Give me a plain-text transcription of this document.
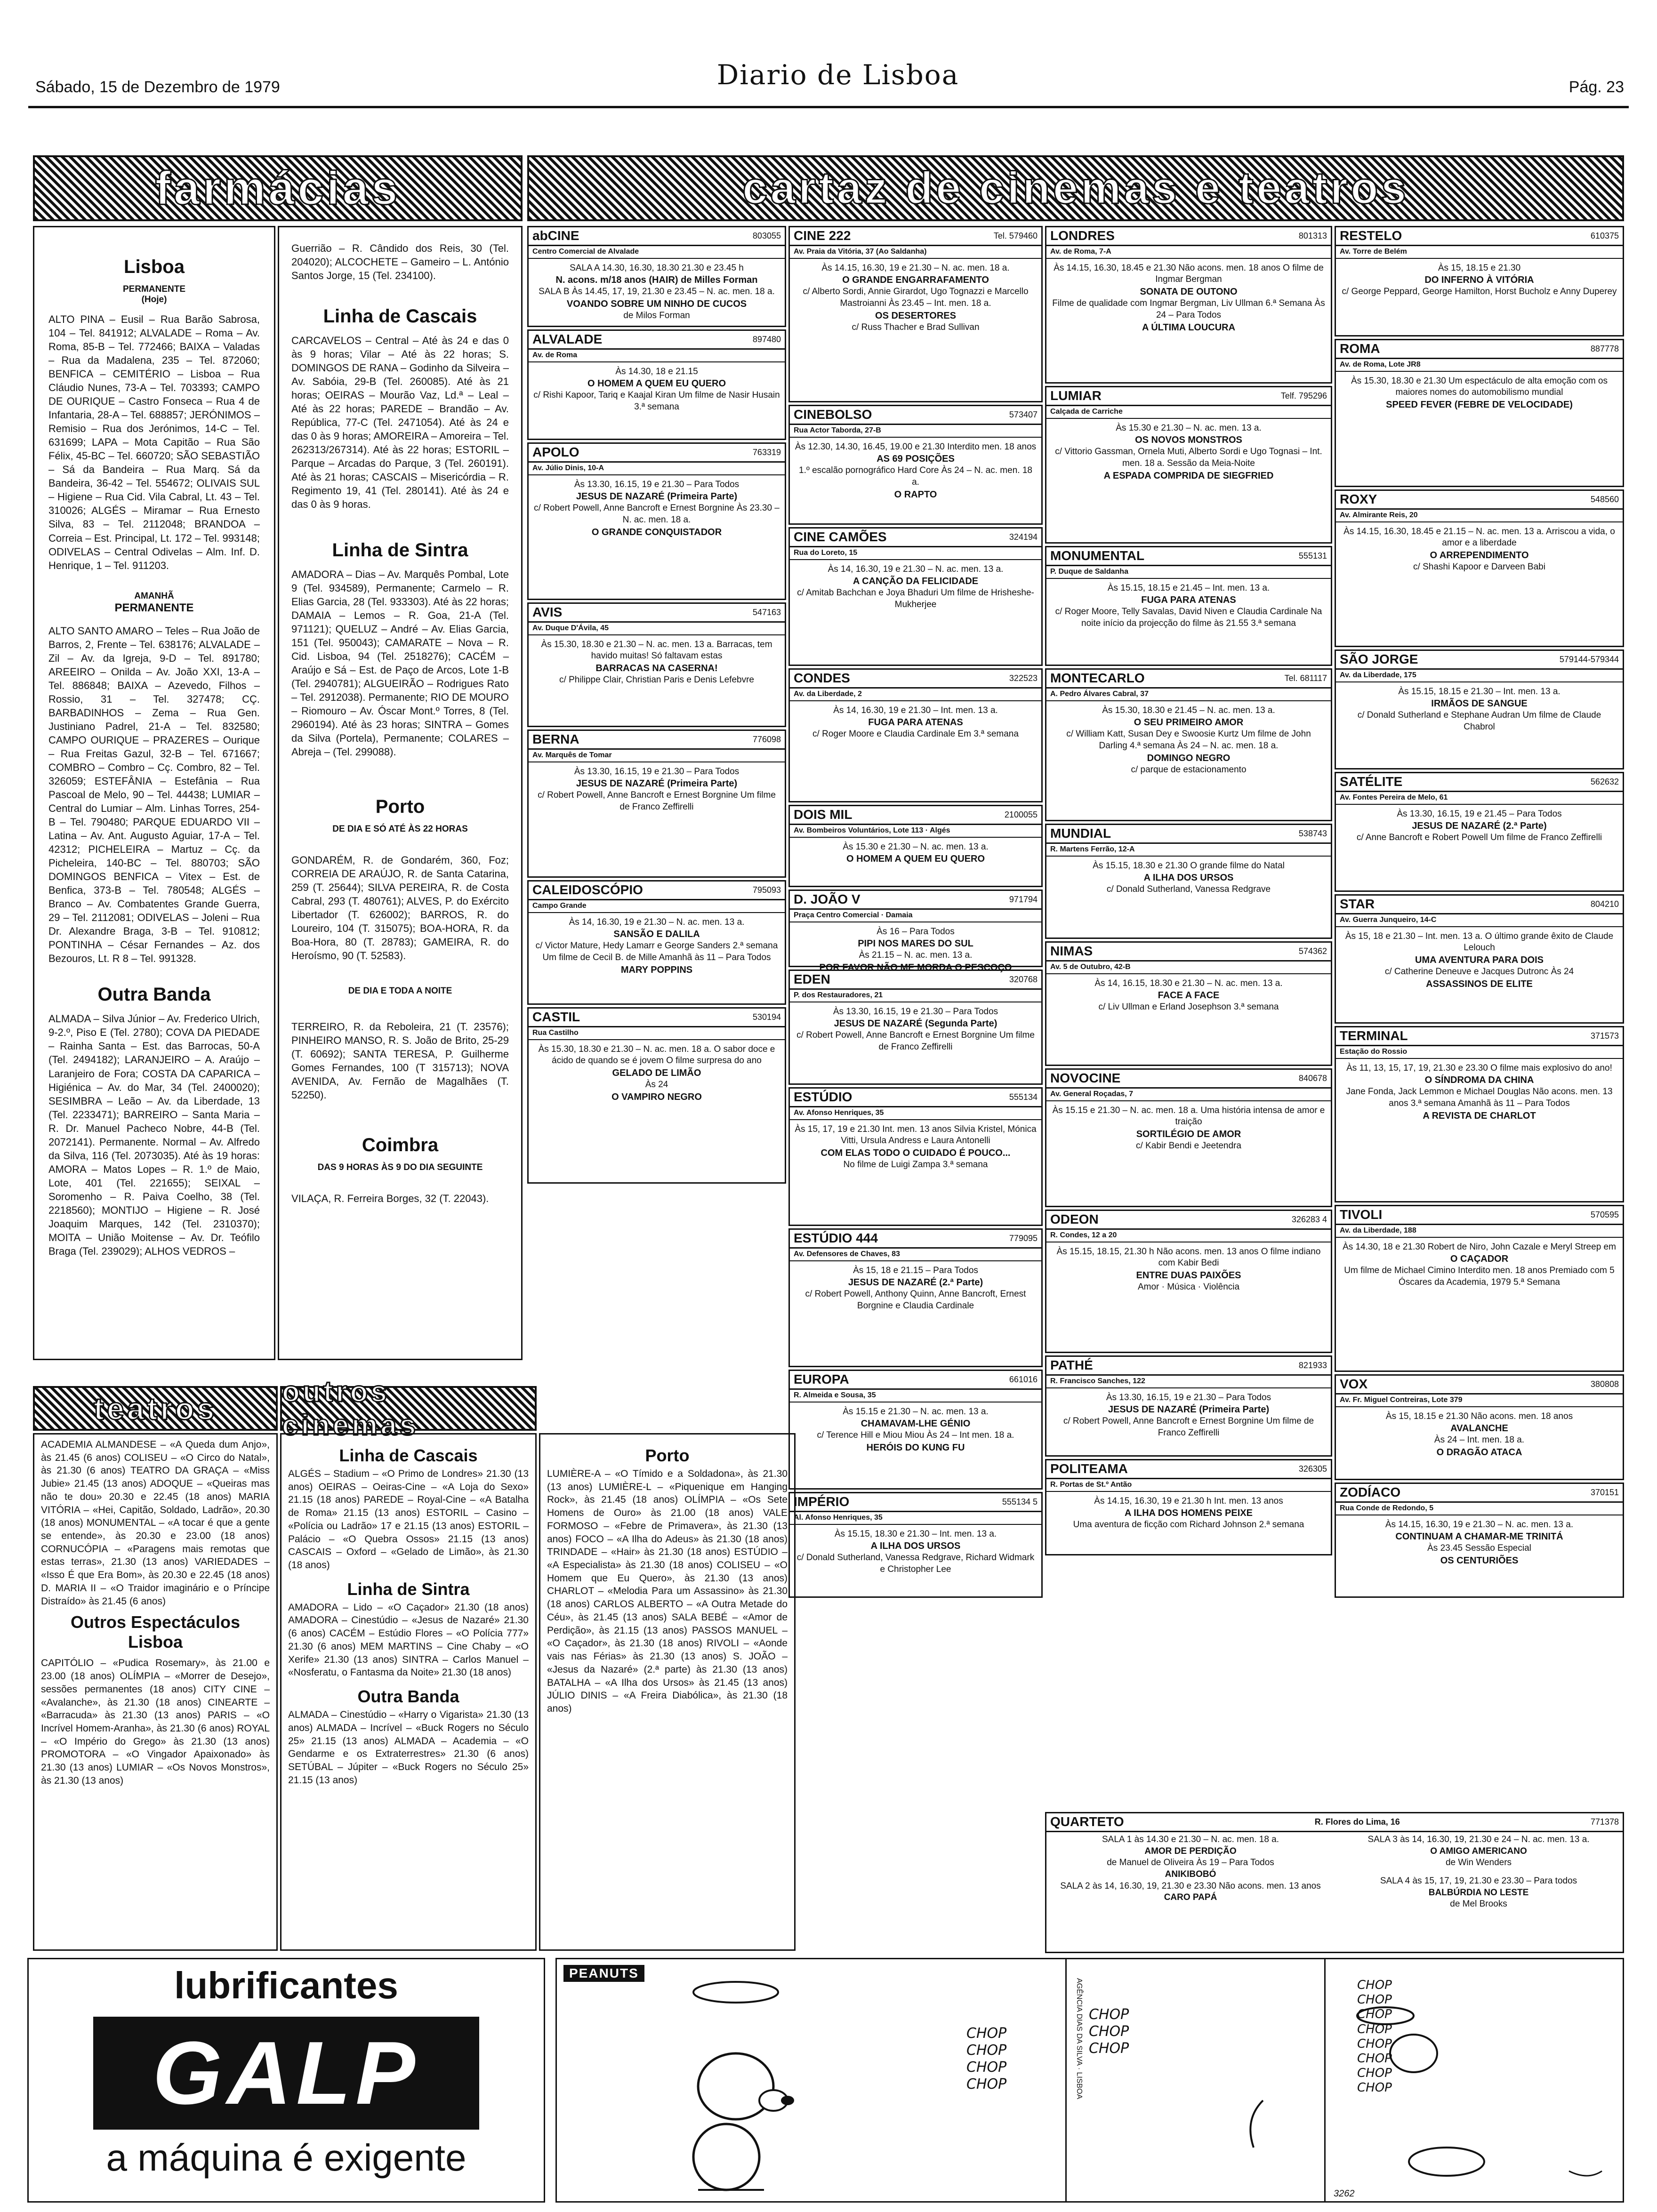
Sábado, 15 de Dezembro de 1979	Diario de Lisboa	Pág. 23
farmácias	cartaz de cinemas e teatros
Lisboa
PERMANENTE
(Hoje)
ALTO PINA – Eusil – Rua Barão Sabrosa, 104 – Tel. 841912; ALVALADE – Roma – Av. Roma, 85-B – Tel. 772466; BAIXA – Valadas – Rua da Madalena, 235 – Tel. 872060; BENFICA – CEMITÉRIO – Lisboa – Rua Cláudio Nunes, 73-A – Tel. 703393; CAMPO DE OURIQUE – Castro Fonseca – Rua 4 de Infantaria, 28-A – Tel. 688857; JERÓNIMOS – Remisio – Rua dos Jerónimos, 14-C – Tel. 631699; LAPA – Mota Capitão – Rua São Félix, 45-BC – Tel. 660720; SÃO SEBASTIÃO – Sá da Bandeira – Rua Marq. Sá da Bandeira, 36-42 – Tel. 554672; OLIVAIS SUL – Higiene – Rua Cid. Vila Cabral, Lt. 43 – Tel. 310026; ALGÉS – Miramar – Rua Ernesto Silva, 83 – Tel. 2112048; BRANDOA – Correia – Est. Principal, Lt. 172 – Tel. 993148; ODIVELAS – Central Odivelas – Alm. Inf. D. Henrique, 1 – Tel. 911203.
AMANHÃ
PERMANENTE
ALTO SANTO AMARO – Teles – Rua João de Barros, 2, Frente – Tel. 638176; ALVALADE – Zil – Av. da Igreja, 9-D – Tel. 891780; AREEIRO – Onilda – Av. João XXI, 13-A – Tel. 886848; BAIXA – Azevedo, Filhos – Rossio, 31 – Tel. 327478; CÇ. BARBADINHOS – Zema – Rua Gen. Justiniano Padrel, 21-A – Tel. 832580; CAMPO OURIQUE – PRAZERES – Ourique – Rua Freitas Gazul, 32-B – Tel. 671667; COMBRO – Combro – Cç. Combro, 82 – Tel. 326059; ESTEFÂNIA – Estefânia – Rua Pascoal de Melo, 90 – Tel. 44438; LUMIAR – Central do Lumiar – Alm. Linhas Torres, 254-B – Tel. 790480; PARQUE EDUARDO VII – Latina – Av. Ant. Augusto Aguiar, 17-A – Tel. 42312; PICHELEIRA – Martuz – Cç. da Picheleira, 140-BC – Tel. 880703; SÃO DOMINGOS BENFICA – Vitex – Est. de Benfica, 373-B – Tel. 780548; ALGÉS – Branco – Av. Combatentes Grande Guerra, 29 – Tel. 2112081; ODIVELAS – Joleni – Rua Dr. Alexandre Braga, 3-B – Tel. 910812; PONTINHA – César Fernandes – Az. dos Bezouros, Lt. R 8 – Tel. 991328.
Outra Banda
ALMADA – Silva Júnior – Av. Frederico Ulrich, 9-2.º, Piso E (Tel. 2780); COVA DA PIEDADE – Rainha Santa – Est. das Barrocas, 50-A (Tel. 2494182); LARANJEIRO – A. Araújo – Laranjeiro de Fora; COSTA DA CAPARICA – Higiénica – Av. do Mar, 34 (Tel. 2400020); SESIMBRA – Leão – Av. da Liberdade, 13 (Tel. 2233471); BARREIRO – Santa Maria – R. Dr. Manuel Pacheco Nobre, 44-B (Tel. 2072141). Permanente. Normal – Av. Alfredo da Silva, 116 (Tel. 2073035). Até às 19 horas: AMORA – Matos Lopes – R. 1.º de Maio, Lote, 401 (Tel. 221655); SEIXAL – Soromenho – R. Paiva Coelho, 38 (Tel. 2218560); MONTIJO – Higiene – R. José Joaquim Marques, 142 (Tel. 2310370); MOITA – União Moitense – Av. Dr. Teófilo Braga (Tel. 239029); ALHOS VEDROS –
Guerrião – R. Cândido dos Reis, 30 (Tel. 204020); ALCOCHETE – Gameiro – L. António Santos Jorge, 15 (Tel. 234100).
Linha de Cascais
CARCAVELOS – Central – Até às 24 e das 0 às 9 horas; Vilar – Até às 22 horas; S. DOMINGOS DE RANA – Godinho da Silveira – Av. Sabóia, 29-B (Tel. 260085). Até às 21 horas; OEIRAS – Mourão Vaz, Ld.ª – Leal – Até às 22 horas; PAREDE – Brandão – Av. República, 77-C (Tel. 2471054). Até às 24 e das 0 às 9 horas; AMOREIRA – Amoreira – Tel. 262313/267314). Até às 22 horas; ESTORIL – Parque – Arcadas do Parque, 3 (Tel. 260191). Até às 21 horas; CASCAIS – Misericórdia – R. Regimento 19, 41 (Tel. 280141). Até às 24 e das 0 às 9 horas.
Linha de Sintra
AMADORA – Dias – Av. Marquês Pombal, Lote 9 (Tel. 934589), Permanente; Carmelo – R. Elias Garcia, 28 (Tel. 933303). Até às 22 horas; DAMAIA – Lemos – R. Goa, 21-A (Tel. 971121); QUELUZ – André – Av. Elias Garcia, 151 (Tel. 950043); CAMARATE – Nova – R. Cid. Lisboa, 94 (Tel. 2518276); CACÉM – Araújo e Sá – Est. de Paço de Arcos, Lote 1-B (Tel. 2940781); ALGUEIRÃO – Rodrigues Rato – Tel. 2912038). Permanente; RIO DE MOURO – Riomouro – Av. Óscar Mont.º Torres, 8 (Tel. 2960194). Até às 23 horas; SINTRA – Gomes da Silva (Portela), Permanente; COLARES – Abreja – (Tel. 299088).
Porto
DE DIA E SÓ ATÉ ÀS 22 HORAS
GONDARÉM, R. de Gondarém, 360, Foz; CORREIA DE ARAÚJO, R. de Santa Catarina, 259 (T. 25644); SILVA PEREIRA, R. de Costa Cabral, 293 (T. 480761); ALVES, P. do Exército Libertador (T. 626002); BARROS, R. do Loureiro, 104 (T. 315075); BOA-HORA, R. da Boa-Hora, 80 (T. 28783); GAMEIRA, R. do Heroísmo, 90 (T. 52583).
DE DIA E TODA A NOITE
TERREIRO, R. da Reboleira, 21 (T. 23576); PINHEIRO MANSO, R. S. João de Brito, 25-29 (T. 60692); SANTA TERESA, P. Guilherme Gomes Fernandes, 100 (T 315713); NOVA AVENIDA, Av. Fernão de Magalhães (T. 52250).
Coimbra
DAS 9 HORAS ÀS 9 DO DIA SEGUINTE
VILAÇA, R. Ferreira Borges, 32 (T. 22043).
abCINE	803055
Centro Comercial de Alvalade
SALA A 14.30, 16.30, 18.30 21.30 e 23.45 h
N. acons. m/18 anos (HAIR) de Milles Forman
SALA B Às 14.45, 17, 19, 21.30 e 23.45 – N. ac. men. 18 a.
VOANDO SOBRE UM NINHO DE CUCOS
de Milos Forman
ALVALADE	897480
Av. de Roma
Às 14.30, 18 e 21.15
O HOMEM A QUEM EU QUERO
c/ Rishi Kapoor, Tariq e Kaajal Kiran Um filme de Nasir Husain
3.ª semana
APOLO	763319
Av. Júlio Dinis, 10-A
Às 13.30, 16.15, 19 e 21.30 – Para Todos
JESUS DE NAZARÉ (Primeira Parte)
c/ Robert Powell, Anne Bancroft e Ernest Borgnine Às 23.30 – N. ac. men. 18 a.
O GRANDE CONQUISTADOR
AVIS	547163
Av. Duque D'Ávila, 45
Às 15.30, 18.30 e 21.30 – N. ac. men. 13 a. Barracas, tem havido muitas! Só faltavam estas
BARRACAS NA CASERNA!
c/ Philippe Clair, Christian Paris e Denis Lefebvre
BERNA	776098
Av. Marquês de Tomar
Às 13.30, 16.15, 19 e 21.30 – Para Todos
JESUS DE NAZARÉ (Primeira Parte)
c/ Robert Powell, Anne Bancroft e Ernest Borgnine Um filme de Franco Zeffirelli
CALEIDOSCÓPIO	795093
Campo Grande
Às 14, 16.30, 19 e 21.30 – N. ac. men. 13 a.
SANSÃO E DALILA
c/ Victor Mature, Hedy Lamarr e George Sanders 2.ª semana Um filme de Cecil B. de Mille Amanhã às 11 – Para Todos
MARY POPPINS
CASTIL	530194
Rua Castilho
Às 15.30, 18.30 e 21.30 – N. ac. men. 18 a. O sabor doce e ácido de quando se é jovem O filme surpresa do ano
GELADO DE LIMÃO
Às 24
O VAMPIRO NEGRO
CINE 222	Tel. 579460
Av. Praia da Vitória, 37 (Ao Saldanha)
Às 14.15, 16.30, 19 e 21.30 – N. ac. men. 18 a.
O GRANDE ENGARRAFAMENTO
c/ Alberto Sordi, Annie Girardot, Ugo Tognazzi e Marcello Mastroianni Às 23.45 – Int. men. 18 a.
OS DESERTORES
c/ Russ Thacher e Brad Sullivan
CINEBOLSO	573407
Rua Actor Taborda, 27-B
Às 12.30, 14.30, 16.45, 19.00 e 21.30 Interdito men. 18 anos
AS 69 POSIÇÕES
1.º escalão pornográfico Hard Core Às 24 – N. ac. men. 18 a.
O RAPTO
CINE CAMÕES	324194
Rua do Loreto, 15
Às 14, 16.30, 19 e 21.30 – N. ac. men. 13 a.
A CANÇÃO DA FELICIDADE
c/ Amitab Bachchan e Joya Bhaduri Um filme de Hrisheshe-Mukherjee
CONDES	322523
Av. da Liberdade, 2
Às 14, 16.30, 19 e 21.30 – Int. men. 13 a.
FUGA PARA ATENAS
c/ Roger Moore e Claudia Cardinale Em 3.ª semana
DOIS MIL	2100055
Av. Bombeiros Voluntários, Lote 113 · Algés
Às 15.30 e 21.30 – N. ac. men. 13 a.
O HOMEM A QUEM EU QUERO
D. JOÃO V	971794
Praça Centro Comercial · Damaia
Às 16 – Para Todos
PIPI NOS MARES DO SUL
Às 21.15 – N. ac. men. 13 a.
POR FAVOR NÃO ME MORDA O PESCOÇO
EDEN	320768
P. dos Restauradores, 21
Às 13.30, 16.15, 19 e 21.30 – Para Todos
JESUS DE NAZARÉ (Segunda Parte)
c/ Robert Powell, Anne Bancroft e Ernest Borgnine Um filme de Franco Zeffirelli
ESTÚDIO	555134
Av. Afonso Henriques, 35
Às 15, 17, 19 e 21.30 Int. men. 13 anos Silvia Kristel, Mónica Vitti, Ursula Andress e Laura Antonelli
COM ELAS TODO O CUIDADO É POUCO...
No filme de Luigi Zampa 3.ª semana
ESTÚDIO 444	779095
Av. Defensores de Chaves, 83
Às 15, 18 e 21.15 – Para Todos
JESUS DE NAZARÉ (2.ª Parte)
c/ Robert Powell, Anthony Quinn, Anne Bancroft, Ernest Borgnine e Claudia Cardinale
EUROPA	661016
R. Almeida e Sousa, 35
Às 15.15 e 21.30 – N. ac. men. 13 a.
CHAMAVAM-LHE GÉNIO
c/ Terence Hill e Miou Miou Às 24 – Int men. 18 a.
HERÓIS DO KUNG FU
IMPÉRIO	555134 5
Al. Afonso Henriques, 35
Às 15.15, 18.30 e 21.30 – Int. men. 13 a.
A ILHA DOS URSOS
c/ Donald Sutherland, Vanessa Redgrave, Richard Widmark e Christopher Lee
LONDRES	801313
Av. de Roma, 7-A
Às 14.15, 16.30, 18.45 e 21.30 Não acons. men. 18 anos O filme de Ingmar Bergman
SONATA DE OUTONO
Filme de qualidade com Ingmar Bergman, Liv Ullman 6.ª Semana Às 24 – Para Todos
A ÚLTIMA LOUCURA
LUMIAR	Telf. 795296
Calçada de Carriche
Às 15.30 e 21.30 – N. ac. men. 13 a.
OS NOVOS MONSTROS
c/ Vittorio Gassman, Ornela Muti, Alberto Sordi e Ugo Tognasi – Int. men. 18 a. Sessão da Meia-Noite
A ESPADA COMPRIDA DE SIEGFRIED
MONUMENTAL	555131
P. Duque de Saldanha
Às 15.15, 18.15 e 21.45 – Int. men. 13 a.
FUGA PARA ATENAS
c/ Roger Moore, Telly Savalas, David Niven e Claudia Cardinale Na noite início da projecção do filme às 21.55 3.ª semana
MONTECARLO	Tel. 681117
A. Pedro Álvares Cabral, 37
Às 15.30, 18.30 e 21.45 – N. ac. men. 13 a.
O SEU PRIMEIRO AMOR
c/ William Katt, Susan Dey e Swoosie Kurtz Um filme de John Darling 4.ª semana Às 24 – N. ac. men. 18 a.
DOMINGO NEGRO
c/ parque de estacionamento
MUNDIAL	538743
R. Martens Ferrão, 12-A
Às 15.15, 18.30 e 21.30 O grande filme do Natal
A ILHA DOS URSOS
c/ Donald Sutherland, Vanessa Redgrave
NIMAS	574362
Av. 5 de Outubro, 42-B
Às 14, 16.15, 18.30 e 21.30 – N. ac. men. 13 a.
FACE A FACE
c/ Liv Ullman e Erland Josephson 3.ª semana
NOVOCINE	840678
Av. General Roçadas, 7
Às 15.15 e 21.30 – N. ac. men. 18 a. Uma história intensa de amor e traição
SORTILÉGIO DE AMOR
c/ Kabir Bendi e Jeetendra
ODEON	326283 4
R. Condes, 12 a 20
Às 15.15, 18.15, 21.30 h Não acons. men. 13 anos O filme indiano com Kabir Bedi
ENTRE DUAS PAIXÕES
Amor · Música · Violência
PATHÉ	821933
R. Francisco Sanches, 122
Às 13.30, 16.15, 19 e 21.30 – Para Todos
JESUS DE NAZARÉ (Primeira Parte)
c/ Robert Powell, Anne Bancroft e Ernest Borgnine Um filme de Franco Zeffirelli
POLITEAMA	326305
R. Portas de St.º Antão
Às 14.15, 16.30, 19 e 21.30 h Int. men. 13 anos
A ILHA DOS HOMENS PEIXE
Uma aventura de ficção com Richard Johnson 2.ª semana
RESTELO	610375
Av. Torre de Belém
Às 15, 18.15 e 21.30
DO INFERNO À VITÓRIA
c/ George Peppard, George Hamilton, Horst Bucholz e Anny Duperey
ROMA	887778
Av. de Roma, Lote JR8
Às 15.30, 18.30 e 21.30 Um espectáculo de alta emoção com os maiores nomes do automobilismo mundial
SPEED FEVER (FEBRE DE VELOCIDADE)
ROXY	548560
Av. Almirante Reis, 20
Às 14.15, 16.30, 18.45 e 21.15 – N. ac. men. 13 a. Arriscou a vida, o amor e a liberdade
O ARREPENDIMENTO
c/ Shashi Kapoor e Darveen Babi
SÃO JORGE	579144-579344
Av. da Liberdade, 175
Às 15.15, 18.15 e 21.30 – Int. men. 13 a.
IRMÃOS DE SANGUE
c/ Donald Sutherland e Stephane Audran Um filme de Claude Chabrol
SATÉLITE	562632
Av. Fontes Pereira de Melo, 61
Às 13.30, 16.15, 19 e 21.45 – Para Todos
JESUS DE NAZARÉ (2.ª Parte)
c/ Anne Bancroft e Robert Powell Um filme de Franco Zeffirelli
STAR	804210
Av. Guerra Junqueiro, 14-C
Às 15, 18 e 21.30 – Int. men. 13 a. O último grande êxito de Claude Lelouch
UMA AVENTURA PARA DOIS
c/ Catherine Deneuve e Jacques Dutronc Às 24
ASSASSINOS DE ELITE
TERMINAL	371573
Estação do Rossio
Às 11, 13, 15, 17, 19, 21.30 e 23.30 O filme mais explosivo do ano!
O SÍNDROMA DA CHINA
Jane Fonda, Jack Lemmon e Michael Douglas Não acons. men. 13 anos 3.ª semana Amanhã às 11 – Para Todos
A REVISTA DE CHARLOT
TIVOLI	570595
Av. da Liberdade, 188
Às 14.30, 18 e 21.30 Robert de Niro, John Cazale e Meryl Streep em
O CAÇADOR
Um filme de Michael Cimino Interdito men. 18 anos Premiado com 5 Óscares da Academia, 1979 5.ª Semana
VOX	380808
Av. Fr. Miguel Contreiras, Lote 379
Às 15, 18.15 e 21.30 Não acons. men. 18 anos
AVALANCHE
Às 24 – Int. men. 18 a.
O DRAGÃO ATACA
ZODÍACO	370151
Rua Conde de Redondo, 5
Às 14.15, 16.30, 19 e 21.30 – N. ac. men. 13 a.
CONTINUAM A CHAMAR-ME TRINITÁ
Às 23.45 Sessão Especial
OS CENTURIÕES
QUARTETO	R. Flores do Lima, 16	771378
SALA 1 às 14.30 e 21.30 – N. ac. men. 18 a.
AMOR DE PERDIÇÃO
de Manuel de Oliveira Às 19 – Para Todos
ANIKIBOBÓ
SALA 2 às 14, 16.30, 19, 21.30 e 23.30 Não acons. men. 13 anos
CARO PAPÁ
SALA 3 às 14, 16.30, 19, 21.30 e 24 – N. ac. men. 13 a.
O AMIGO AMERICANO
de Win Wenders
SALA 4 às 15, 17, 19, 21.30 e 23.30 – Para todos
BALBÚRDIA NO LESTE
de Mel Brooks
teatros outros cinemas
ACADEMIA ALMANDESE – «A Queda dum Anjo», às 21.45 (6 anos) COLISEU – «O Circo do Natal», às 21.30 (6 anos) TEATRO DA GRAÇA – «Miss Jubie» 21.45 (13 anos) ADOQUE – «Queiras mas não te dou» 20.30 e 22.45 (18 anos) MARIA VITÓRIA – «Hei, Capitão, Soldado, Ladrão», 20.30 (18 anos) MONUMENTAL – «A tocar é que a gente se entende», às 20.30 e 23.00 (18 anos) CORNUCÓPIA – «Paragens mais remotas que estas terras», 21.30 (13 anos) VARIEDADES – «Isso É que Era Bom», às 20.30 e 22.45 (18 anos) D. MARIA II – «O Traidor imaginário e o Príncipe Distraído» às 21.45 (6 anos)
Outros Espectáculos Lisboa
CAPITÓLIO – «Pudica Rosemary», às 21.00 e 23.00 (18 anos) OLÍMPIA – «Morrer de Desejo», sessões permanentes (18 anos) CITY CINE – «Avalanche», às 21.30 (18 anos) CINEARTE – «Barracuda» às 21.30 (13 anos) PARIS – «O Incrível Homem-Aranha», às 21.30 (6 anos) ROYAL – «O Império do Grego» às 21.30 (13 anos) PROMOTORA – «O Vingador Apaixonado» às 21.30 (13 anos) LUMIAR – «Os Novos Monstros», às 21.30 (13 anos)
Linha de Cascais
ALGÉS – Stadium – «O Primo de Londres» 21.30 (13 anos) OEIRAS – Oeiras-Cine – «A Loja do Sexo» 21.15 (18 anos) PAREDE – Royal-Cine – «A Batalha de Roma» 21.15 (13 anos) ESTORIL – Casino – «Polícia ou Ladrão» 17 e 21.15 (13 anos) ESTORIL – Palácio – «O Quebra Ossos» 21.15 (13 anos) CASCAIS – Oxford – «Gelado de Limão», às 21.30 (18 anos)
Linha de Sintra
AMADORA – Lido – «O Caçador» 21.30 (18 anos) AMADORA – Cinestúdio – «Jesus de Nazaré» 21.30 (6 anos) CACÉM – Estúdio Flores – «O Polícia 777» 21.30 (6 anos) MEM MARTINS – Cine Chaby – «O Xerife» 21.30 (13 anos) SINTRA – Carlos Manuel – «Nosferatu, o Fantasma da Noite» 21.30 (18 anos)
Outra Banda
ALMADA – Cinestúdio – «Harry o Vigarista» 21.30 (13 anos) ALMADA – Incrível – «Buck Rogers no Século 25» 21.15 (13 anos) ALMADA – Academia – «O Gendarme e os Extraterrestres» 21.30 (6 anos) SETÚBAL – Júpiter – «Buck Rogers no Século 25» 21.15 (13 anos)
Porto
LUMIÈRE-A – «O Tímido e a Soldadona», às 21.30 (13 anos) LUMIÈRE-L – «Piquenique em Hanging Rock», às 21.45 (18 anos) OLÍMPIA – «Os Sete Homens de Ouro» às 21.00 (18 anos) VALE FORMOSO – «Febre de Primavera», às 21.30 (13 anos) FOCO – «A Ilha do Adeus» às 21.30 (18 anos) TRINDADE – «Hair» às 21.30 (18 anos) ESTÚDIO – «A Especialista» às 21.30 (18 anos) COLISEU – «O Homem que Eu Quero», às 21.30 (13 anos) CHARLOT – «Melodia Para um Assassino» às 21.30 (18 anos) CARLOS ALBERTO – «A Outra Metade do Céu», às 21.45 (13 anos) SALA BEBÉ – «Amor de Perdição», às 21.15 (13 anos) PASSOS MANUEL – «O Caçador», às 21.30 (18 anos) RIVOLI – «Aonde vais nas Férias» às 21.30 (13 anos) S. JOÃO – «Jesus da Nazaré» (2.ª parte) às 21.30 (13 anos) BATALHA – «A Ilha dos Ursos» às 21.45 (13 anos) JÚLIO DINIS – «A Freira Diabólica», às 21.30 (18 anos)
lubrificantes
GALP
a máquina é exigente
PEANUTS
AGÊNCIA DIAS DA SILVA · LISBOA
CHOP
CHOP
CHOP
CHOP
CHOP
CHOP
CHOP
CHOP
CHOP
CHOP
CHOP
CHOP
CHOP
CHOP
CHOP
3262
